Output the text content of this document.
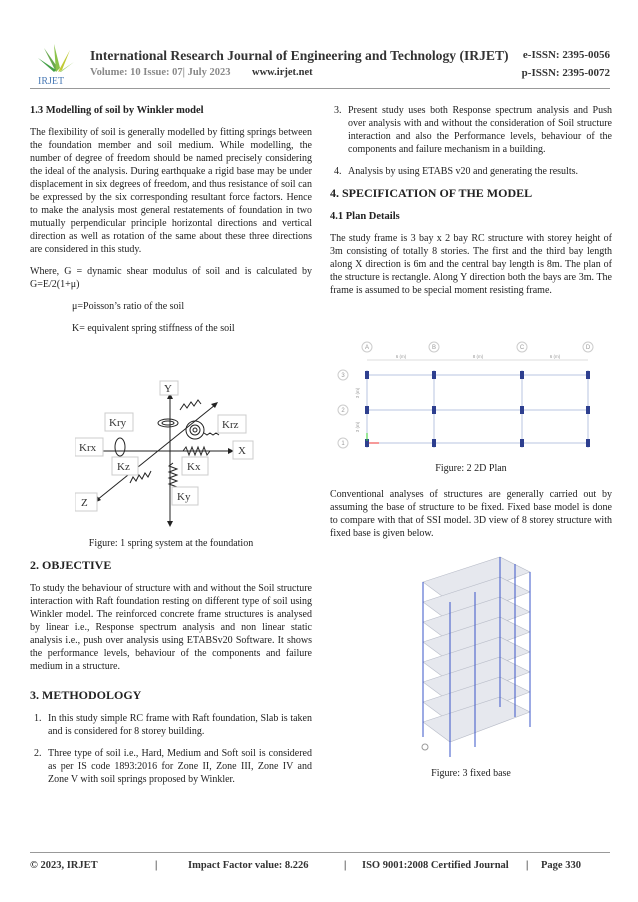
IRJET
International Research Journal of Engineering and Technology (IRJET)
Volume: 10 Issue: 07| July 2023 www.irjet.net
e-ISSN: 2395-0056
p-ISSN: 2395-0072
1.3 Modelling of soil by Winkler model

The flexibility of soil is generally modelled by fitting springs between the foundation member and soil medium. While modelling, the number of degree of freedom should be named precisely considering the ideal of the analysis. During earthquake a rigid base may be under displacement in six degrees of freedom, and thus resistance of soil can be expressed by the six corresponding resultant force factors. Hence to make the analysis most general restatements of foundation in two mutually perpendicular principle horizontal directions and vertical direction as well as rotation of the same about these three directions are considered in this study.

Where, G = dynamic shear modulus of soil and is calculated by G=E/2(1+μ)

μ=Poisson’s ratio of the soil

K= equivalent spring stiffness of the soil

Y
X
Z
Kry	Krz
Krx
Kz	Kx
Ky

Figure: 1 spring system at the foundation

2. OBJECTIVE

To study the behaviour of structure with and without the Soil structure interaction with Raft foundation resting on different type of soil using Winkler model. The reinforced concrete frame structures is analysed by linear i.e., Response spectrum analysis and non linear static analysis i.e., push over analysis using ETABSv20 Software. It shows the performance levels, behaviour of the components and failure medium in a structure.

3. METHODOLOGY
1. In this study simple RC frame with Raft foundation, Slab is taken and is considered for 8 storey building.
2. Three type of soil i.e., Hard, Medium and Soft soil is considered as per IS code 1893:2016 for Zone II, Zone III, Zone IV and Zone V with soil springs proposed by Winkler.
3. Present study uses both Response spectrum analysis and Push over analysis with and without the consideration of Soil structure interaction and also the Performance levels, behaviour of the components and failure mechanism in a building.
4. Analysis by using ETABS v20 and generating the results.
4. SPECIFICATION OF THE MODEL
4.1 Plan Details

The study frame is 3 bay x 2 bay RC structure with storey height of 3m consisting of totally 8 stories. The first and the third bay length along X direction is 6m and the central bay length is 8m. The plan of the structure is rectangle. Along Y direction both the bays are 3m. The frame is assumed to be special moment resisting frame.

A	B	C	D
3
2
1
6 (m)	8 (m)	6 (m)
3 (m)
3 (m)

Figure: 2 2D Plan

Conventional analyses of structures are generally carried out by assuming the base of structure to be fixed. Fixed base model is done to compare with that of SSI model. 3D view of 8 storey structure with fixed base is given below.

Figure: 3 fixed base
© 2023, IRJET	|	Impact Factor value: 8.226	| ISO 9001:2008 Certified Journal | Page 330
